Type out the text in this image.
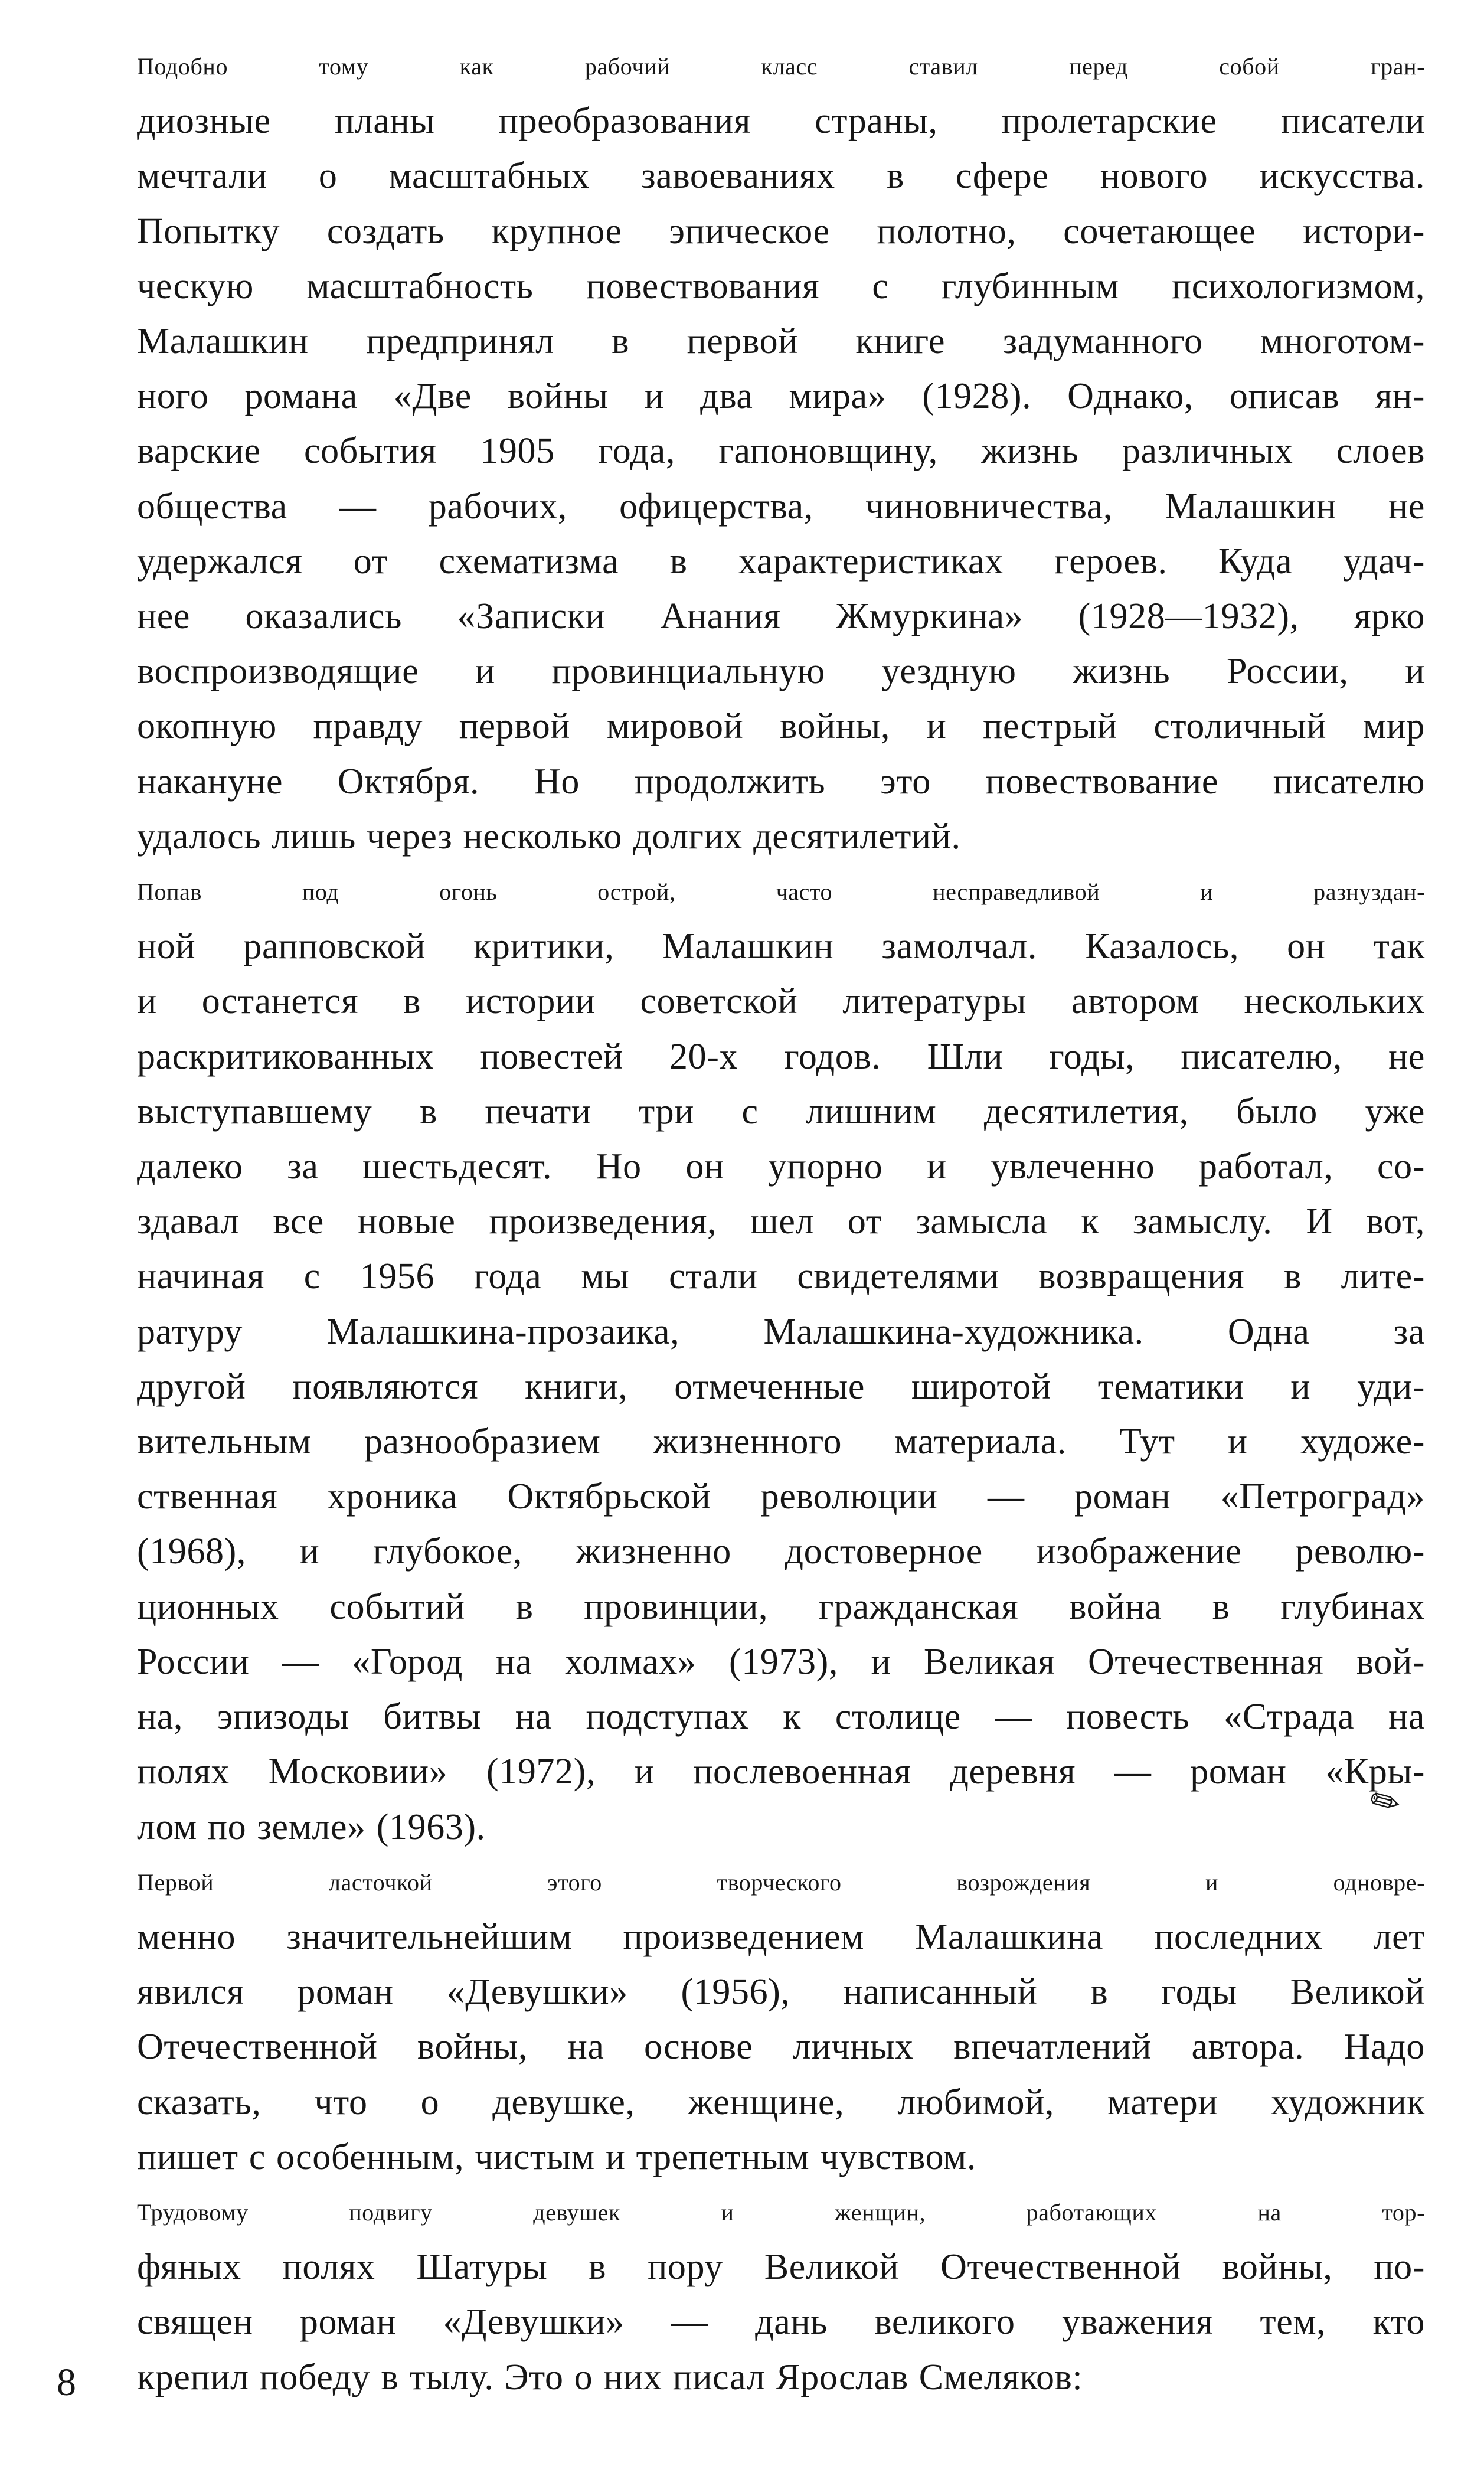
Подобно тому как рабочий класс ставил перед собой гран-
диозные планы преобразования страны, пролетарские писатели
мечтали о масштабных завоеваниях в сфере нового искусства.
Попытку создать крупное эпическое полотно, сочетающее истори-
ческую масштабность повествования с глубинным психологизмом,
Малашкин предпринял в первой книге задуманного многотом-
ного романа «Две войны и два мира» (1928). Однако, описав ян-
варские события 1905 года, гапоновщину, жизнь различных слоев
общества — рабочих, офицерства, чиновничества, Малашкин не
удержался от схематизма в характеристиках героев. Куда удач-
нее оказались «Записки Анания Жмуркина» (1928—1932), ярко
воспроизводящие и провинциальную уездную жизнь России, и
окопную правду первой мировой войны, и пестрый столичный мир
накануне Октября. Но продолжить это повествование писателю
удалось лишь через несколько долгих десятилетий.

Попав под огонь острой, часто несправедливой и разнуздан-
ной рапповской критики, Малашкин замолчал. Казалось, он так
и останется в истории советской литературы автором нескольких
раскритикованных повестей 20-х годов. Шли годы, писателю, не
выступавшему в печати три с лишним десятилетия, было уже
далеко за шестьдесят. Но он упорно и увлеченно работал, со-
здавал все новые произведения, шел от замысла к замыслу. И вот,
начиная с 1956 года мы стали свидетелями возвращения в лите-
ратуру Малашкина-прозаика, Малашкина-художника. Одна за
другой появляются книги, отмеченные широтой тематики и уди-
вительным разнообразием жизненного материала. Тут и художе-
ственная хроника Октябрьской революции — роман «Петроград»
(1968), и глубокое, жизненно достоверное изображение револю-
ционных событий в провинции, гражданская война в глубинах
России — «Город на холмах» (1973), и Великая Отечественная вой-
на, эпизоды битвы на подступах к столице — повесть «Страда на
полях Московии» (1972), и послевоенная деревня — роман «Кры-
лом по земле» (1963).

Первой ласточкой этого творческого возрождения и одновре-
менно значительнейшим произведением Малашкина последних лет
явился роман «Девушки» (1956), написанный в годы Великой
Отечественной войны, на основе личных впечатлений автора. Надо
сказать, что о девушке, женщине, любимой, матери художник
пишет с особенным, чистым и трепетным чувством.

Трудовому подвигу девушек и женщин, работающих на тор-
фяных полях Шатуры в пору Великой Отечественной войны, по-
священ роман «Девушки» — дань великого уважения тем, кто
крепил победу в тылу. Это о них писал Ярослав Смеляков:

✎
8
